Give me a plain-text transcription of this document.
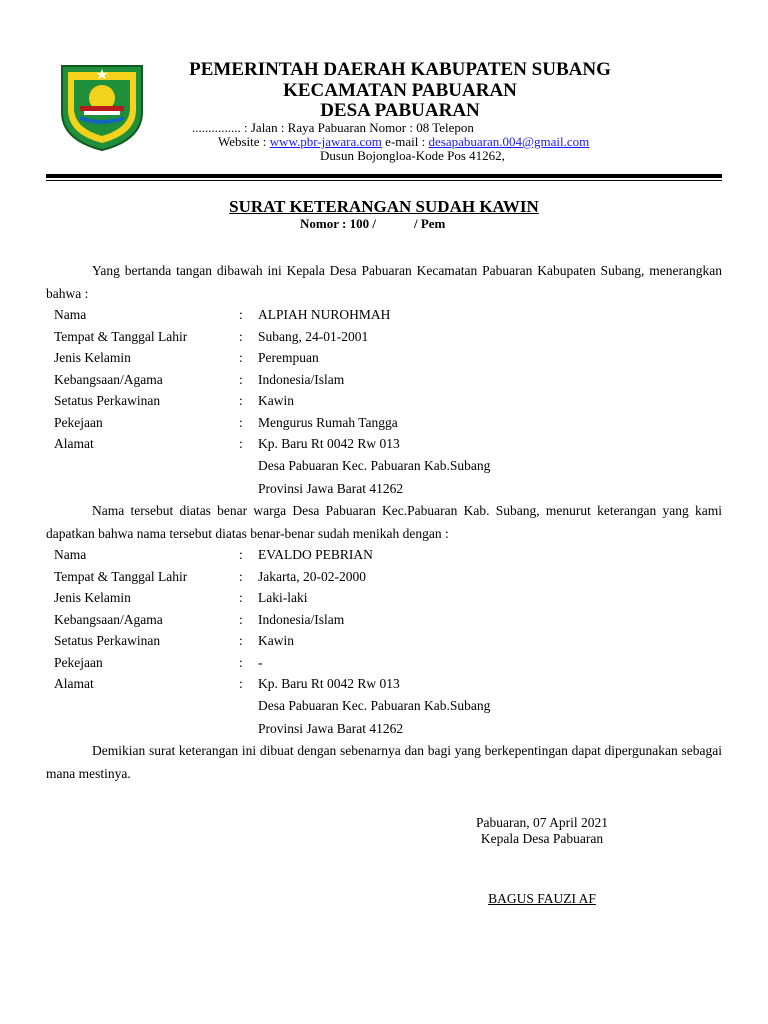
PEMERINTAH DAERAH KABUPATEN SUBANG
KECAMATAN PABUARAN
DESA PABUARAN
............... : Jalan : Raya Pabuaran Nomor : 08 Telepon
Website : www.pbr-jawara.com e-mail : desapabuaran.004@gmail.com
Dusun Bojongloa-Kode Pos 41262,
SURAT KETERANGAN SUDAH KAWIN
Nomor : 100 /	/ Pem
Yang bertanda tangan dibawah ini Kepala Desa Pabuaran Kecamatan Pabuaran Kabupaten Subang, menerangkan bahwa :
Nama tersebut diatas benar warga Desa Pabuaran Kec.Pabuaran Kab. Subang, menurut keterangan yang kami dapatkan bahwa nama tersebut diatas benar-benar sudah menikah dengan :
Demikian surat keterangan ini dibuat dengan sebenarnya dan bagi yang berkepentingan dapat dipergunakan sebagai mana mestinya.
Nama	: ALPIAH NUROHMAH
Tempat & Tanggal Lahir	: Subang, 24-01-2001
Jenis Kelamin	: Perempuan
Kebangsaan/Agama	: Indonesia/Islam
Setatus Perkawinan	: Kawin
Pekejaan	: Mengurus Rumah Tangga
Alamat	: Kp. Baru Rt 0042 Rw 013
Desa Pabuaran Kec. Pabuaran Kab.Subang
Provinsi Jawa Barat 41262
Nama	: EVALDO PEBRIAN
Tempat & Tanggal Lahir	: Jakarta, 20-02-2000
Jenis Kelamin	: Laki-laki
Kebangsaan/Agama	: Indonesia/Islam
Setatus Perkawinan	: Kawin
Pekejaan	: -
Alamat	: Kp. Baru Rt 0042 Rw 013
Desa Pabuaran Kec. Pabuaran Kab.Subang
Provinsi Jawa Barat 41262
Pabuaran, 07 April 2021
Kepala Desa Pabuaran
BAGUS FAUZI AF
